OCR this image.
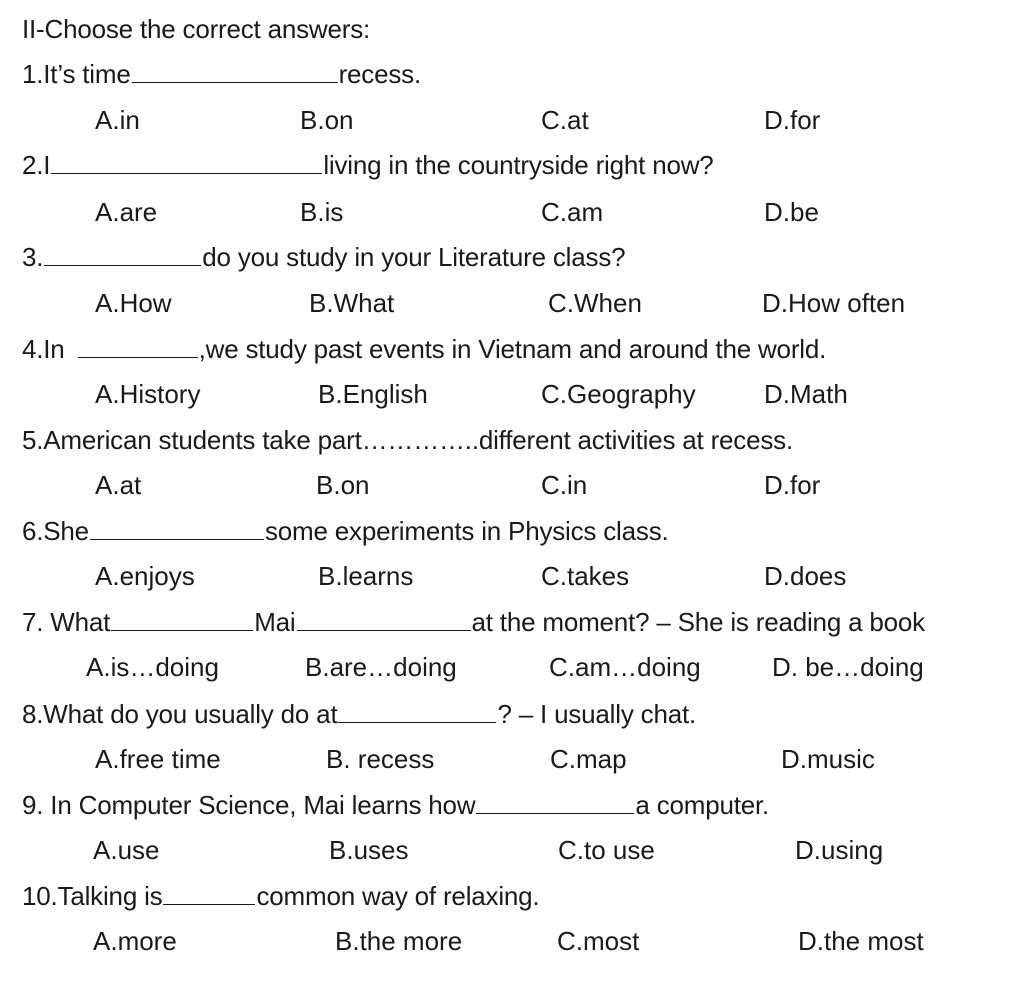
II-Choose the correct answers:
1.It’s time	recess.
A.in	B.on	C.at	D.for
2.I	living in the countryside right now?
A.are	B.is	C.am	D.be
3.	do you study in your Literature class?
A.How	B.What	C.When	D.How often
4.In	,we study past events in Vietnam and around the world.
A.History	B.English	C.Geography	D.Math
5.American students take part…………..different activities at recess.
A.at	B.on	C.in	D.for
6.She	some experiments in Physics class.
A.enjoys	B.learns	C.takes	D.does
7. What	Mai	at the moment? – She is reading a book
A.is…doing	B.are…doing	C.am…doing	D. be…doing
8.What do you usually do at	? – I usually chat.
A.free time	B. recess	C.map	D.music
9. In Computer Science, Mai learns how	a computer.
A.use	B.uses	C.to use	D.using
10.Talking is	common way of relaxing.
A.more	B.the more	C.most	D.the most
